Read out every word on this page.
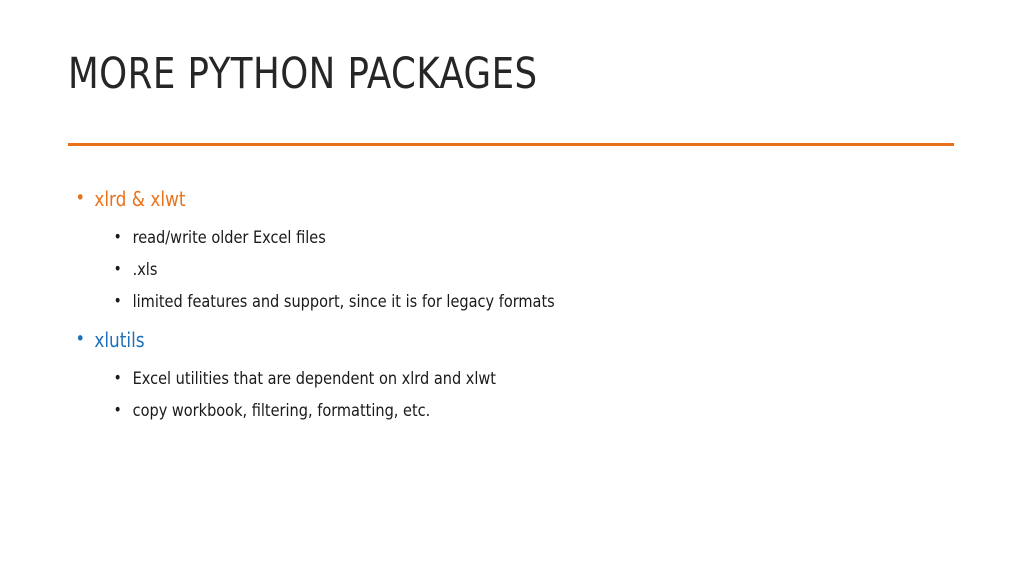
MORE PYTHON PACKAGES
• xlrd & xlwt
• read/write older Excel files
• .xls
• limited features and support, since it is for legacy formats
• xlutils
• Excel utilities that are dependent on xlrd and xlwt
• copy workbook, filtering, formatting, etc.
